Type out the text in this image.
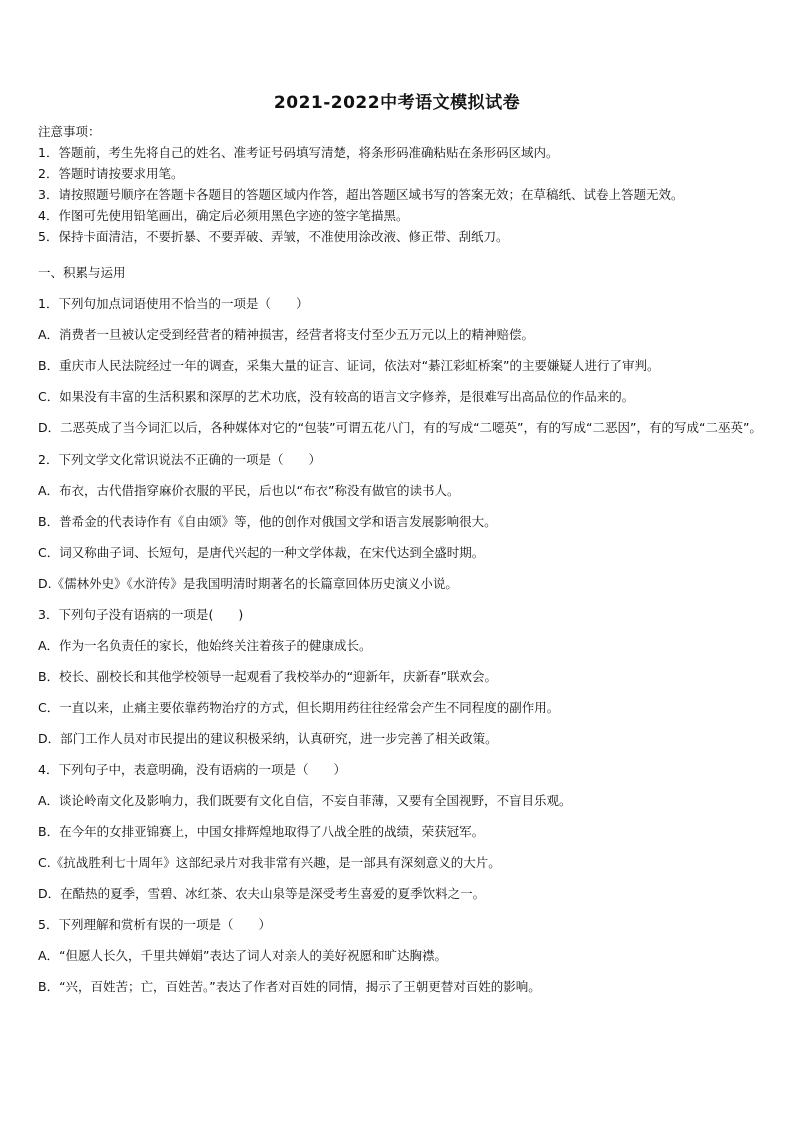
2021-2022中考语文模拟试卷
注意事项：
1．答题前，考生先将自己的姓名、准考证号码填写清楚，将条形码准确粘贴在条形码区域内。
2．答题时请按要求用笔。
3．请按照题号顺序在答题卡各题目的答题区域内作答，超出答题区域书写的答案无效；在草稿纸、试卷上答题无效。
4．作图可先使用铅笔画出，确定后必须用黑色字迹的签字笔描黑。
5．保持卡面清洁，不要折暴、不要弄破、弄皱，不准使用涂改液、修正带、刮纸刀。
一、积累与运用
1．下列句加点词语使用不恰当的一项是（　　）
A．消费者一旦被认定受到经营者的精神损害，经营者将支付至少五万元以上的精神赔偿。
B．重庆市人民法院经过一年的调查，采集大量的证言、证词，依法对“綦江彩虹桥案”的主要嫌疑人进行了审判。
C．如果没有丰富的生活积累和深厚的艺术功底，没有较高的语言文字修养，是很难写出高品位的作品来的。
D．二恶英成了当今词汇以后，各种媒体对它的“包装”可谓五花八门，有的写成“二噁英”，有的写成“二恶因”，有的写成“二巫英”。
2．下列文学文化常识说法不正确的一项是（　　）
A．布衣，古代借指穿麻价衣服的平民，后也以“布衣”称没有做官的读书人。
B．普希金的代表诗作有《自由颂》等，他的创作对俄国文学和语言发展影响很大。
C．词又称曲子词、长短句，是唐代兴起的一种文学体裁，在宋代达到全盛时期。
D.《儒林外史》《水浒传》是我国明清时期著名的长篇章回体历史演义小说。
3．下列句子没有语病的一项是(　　)
A．作为一名负责任的家长，他始终关注着孩子的健康成长。
B．校长、副校长和其他学校领导一起观看了我校举办的“迎新年，庆新春”联欢会。
C．一直以来，止痛主要依靠药物治疗的方式，但长期用药往往经常会产生不同程度的副作用。
D．部门工作人员对市民提出的建议积极采纳，认真研究，进一步完善了相关政策。
4．下列句子中，表意明确，没有语病的一项是（　　）
A．谈论岭南文化及影响力，我们既要有文化自信，不妄自菲薄，又要有全国视野，不盲目乐观。
B．在今年的女排亚锦赛上，中国女排辉煌地取得了八战全胜的战绩，荣获冠军。
C.《抗战胜利七十周年》这部纪录片对我非常有兴趣，是一部具有深刻意义的大片。
D．在酷热的夏季，雪碧、冰红茶、农夫山泉等是深受考生喜爱的夏季饮料之一。
5．下列理解和赏析有误的一项是（　　）
A．“但愿人长久，千里共婵娟”表达了词人对亲人的美好祝愿和旷达胸襟。
B．“兴，百姓苦；亡，百姓苦。”表达了作者对百姓的同情，揭示了王朝更替对百姓的影响。
